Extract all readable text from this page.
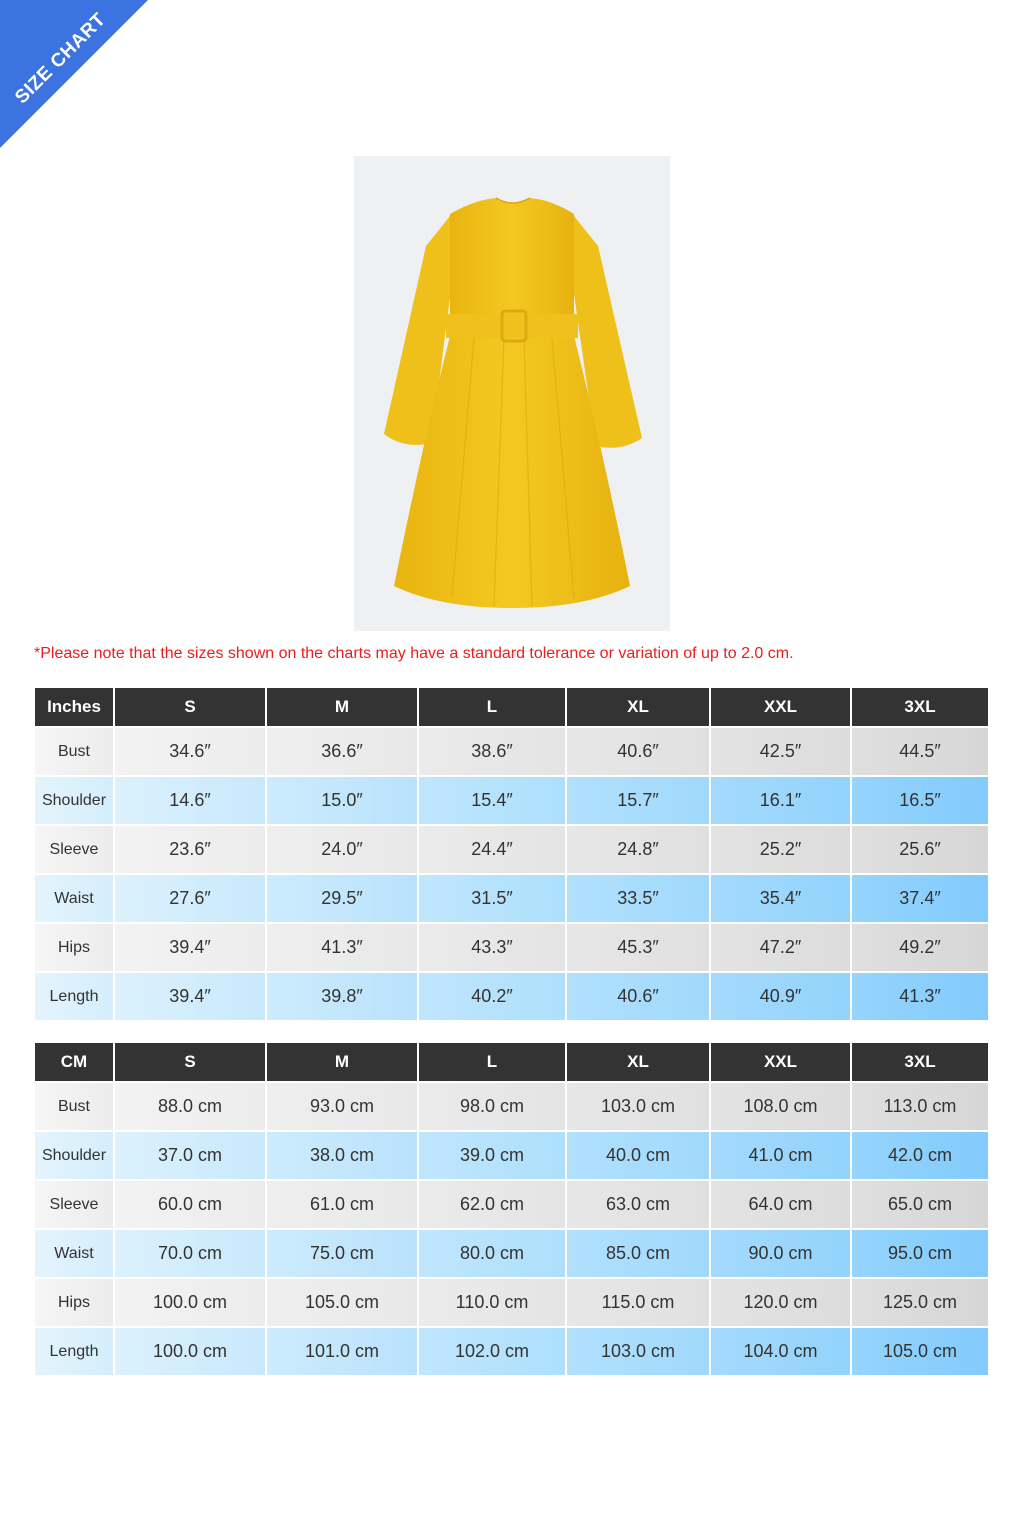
SIZE CHART
*Please note that the sizes shown on the charts may have a standard tolerance or variation of up to 2.0 cm.
Inches	S	M	L	XL	XXL	3XL
Bust	34.6″	36.6″	38.6″	40.6″	42.5″	44.5″
Shoulder	14.6″	15.0″	15.4″	15.7″	16.1″	16.5″
Sleeve	23.6″	24.0″	24.4″	24.8″	25.2″	25.6″
Waist	27.6″	29.5″	31.5″	33.5″	35.4″	37.4″
Hips	39.4″	41.3″	43.3″	45.3″	47.2″	49.2″
Length	39.4″	39.8″	40.2″	40.6″	40.9″	41.3″
CM	S	M	L	XL	XXL	3XL
Bust	88.0 cm	93.0 cm	98.0 cm	103.0 cm	108.0 cm	113.0 cm
Shoulder	37.0 cm	38.0 cm	39.0 cm	40.0 cm	41.0 cm	42.0 cm
Sleeve	60.0 cm	61.0 cm	62.0 cm	63.0 cm	64.0 cm	65.0 cm
Waist	70.0 cm	75.0 cm	80.0 cm	85.0 cm	90.0 cm	95.0 cm
Hips	100.0 cm	105.0 cm	110.0 cm	115.0 cm	120.0 cm	125.0 cm
Length	100.0 cm	101.0 cm	102.0 cm	103.0 cm	104.0 cm	105.0 cm
